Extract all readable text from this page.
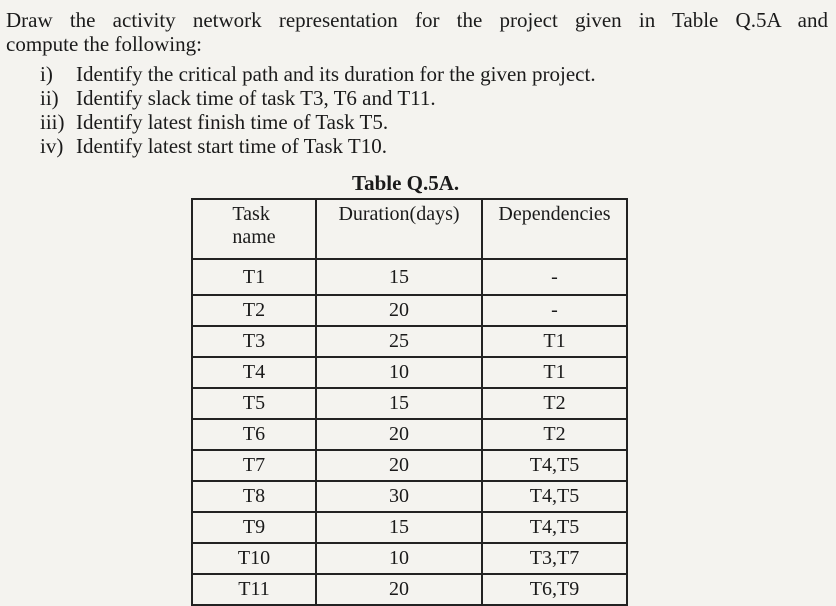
Draw the activity network representation for the project given in Table Q.5A and
compute the following:

i)	Identify the critical path and its duration for the given project.
ii) Identify slack time of task T3, T6 and T11.
iii) Identify latest finish time of Task T5.
iv) Identify latest start time of Task T10.

Table Q.5A.

Task
name	Duration(days)	Dependencies
T1	15	-
T2	20	-
T3	25	T1
T4	10	T1
T5	15	T2
T6	20	T2
T7	20	T4,T5
T8	30	T4,T5
T9	15	T4,T5
T10	10	T3,T7
T11	20	T6,T9
